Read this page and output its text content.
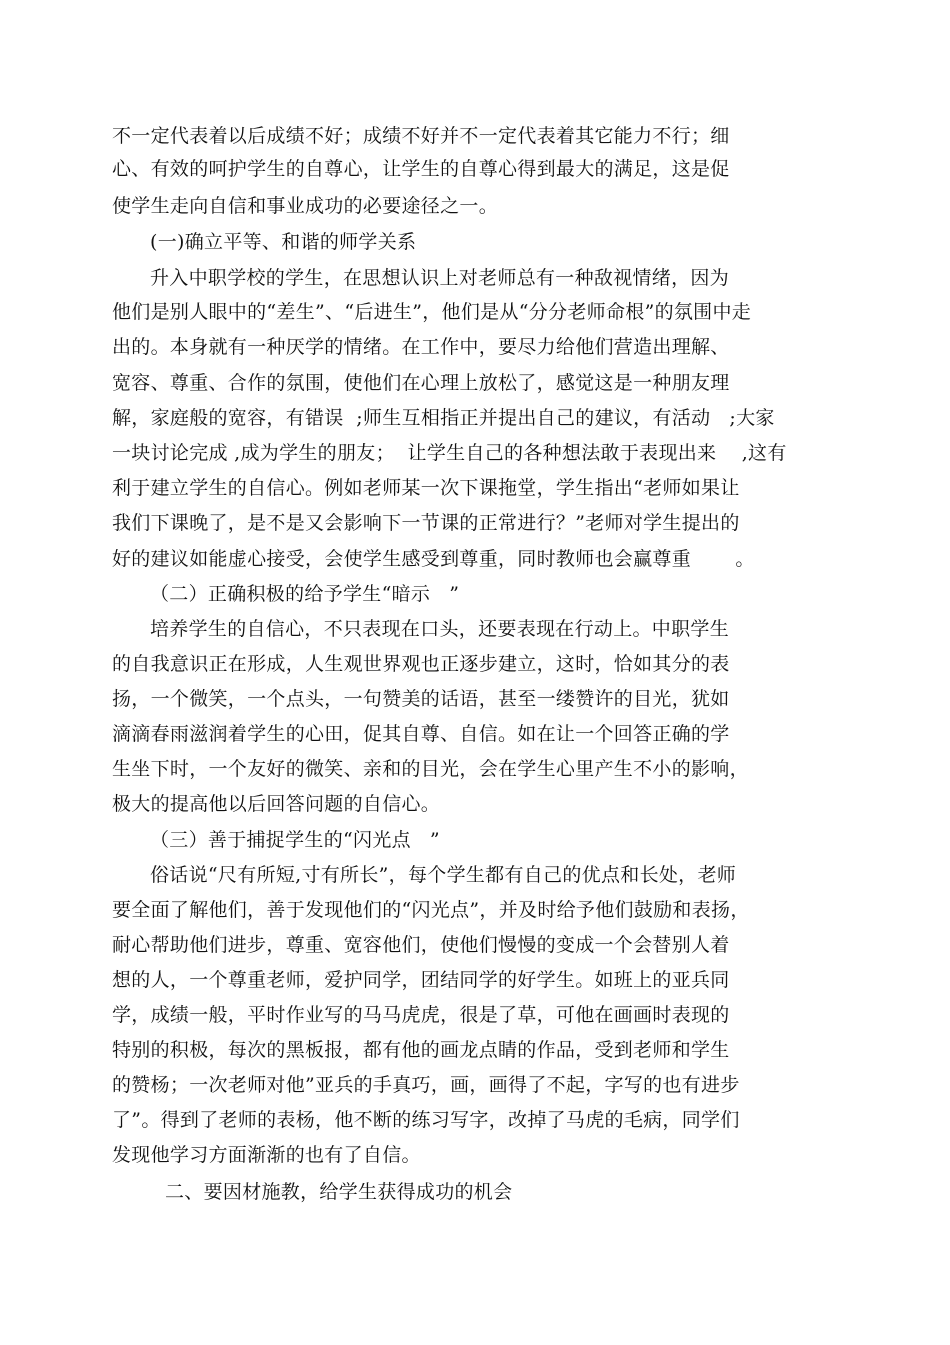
不一定代表着以后成绩不好；成绩不好并不一定代表着其它能力不行；细
心、有效的呵护学生的自尊心，让学生的自尊心得到最大的满足，这是促
使学生走向自信和事业成功的必要途径之一。
(一)确立平等、和谐的师学关系
升入中职学校的学生，在思想认识上对老师总有一种敌视情绪，因为
他们是别人眼中的“差生”、“后进生”，他们是从“分分老师命根”的氛围中走
出的。本身就有一种厌学的情绪。在工作中，要尽力给他们营造出理解、
宽容、尊重、合作的氛围，使他们在心理上放松了，感觉这是一种朋友理
解，家庭般的宽容，有错误  ;师生互相指正并提出自己的建议，有活动   ;大家
一块讨论完成 ,成为学生的朋友；  让学生自己的各种想法敢于表现出来    ,这有
利于建立学生的自信心。例如老师某一次下课拖堂，学生指出“老师如果让
我们下课晚了，是不是又会影响下一节课的正常进行？”老师对学生提出的
好的建议如能虚心接受，会使学生感受到尊重，同时教师也会赢尊重       。
（二）正确积极的给予学生“暗示   ”
培养学生的自信心，不只表现在口头，还要表现在行动上。中职学生
的自我意识正在形成，人生观世界观也正逐步建立，这时，恰如其分的表
扬，一个微笑，一个点头，一句赞美的话语，甚至一缕赞许的目光，犹如
滴滴春雨滋润着学生的心田，促其自尊、自信。如在让一个回答正确的学
生坐下时，一个友好的微笑、亲和的目光，会在学生心里产生不小的影响，
极大的提高他以后回答问题的自信心。
（三）善于捕捉学生的“闪光点   ”
俗话说“尺有所短,寸有所长”，每个学生都有自己的优点和长处，老师
要全面了解他们，善于发现他们的“闪光点”，并及时给予他们鼓励和表扬，
耐心帮助他们进步，尊重、宽容他们，使他们慢慢的变成一个会替别人着
想的人，一个尊重老师，爱护同学，团结同学的好学生。如班上的亚兵同
学，成绩一般，平时作业写的马马虎虎，很是了草，可他在画画时表现的
特别的积极，每次的黑板报，都有他的画龙点睛的作品，受到老师和学生
的赞杨；一次老师对他”亚兵的手真巧，画，画得了不起，字写的也有进步
了”。得到了老师的表杨，他不断的练习写字，改掉了马虎的毛病，同学们
发现他学习方面渐渐的也有了自信。
二、要因材施教，给学生获得成功的机会
